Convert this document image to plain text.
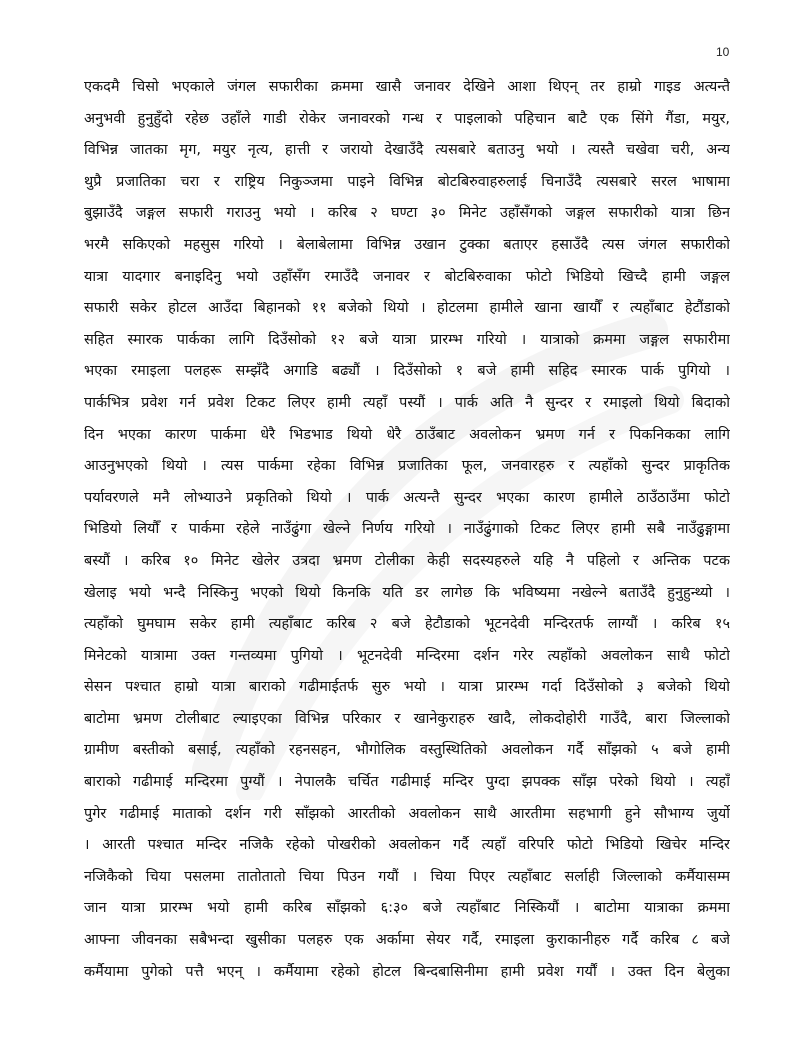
10
एकदमै चिसो भएकाले जंगल सफारीका क्रममा खासै जनावर देखिने आशा थिएन् तर हाम्रो गाइड अत्यन्तै
अनुभवी हुनुहुँदो रहेछ उहाँले गाडी रोकेर जनावरको गन्ध र पाइलाको पहिचान बाटै एक सिंगे गैंडा, मयुर,
विभिन्न जातका मृग, मयुर नृत्य, हात्ती र जरायो देखाउँदै त्यसबारे बताउनु भयो । त्यस्तै चखेवा चरी, अन्य
थुप्रै प्रजातिका चरा र राष्ट्रिय निकुञ्जमा पाइने विभिन्न बोटबिरुवाहरुलाई चिनाउँदै त्यसबारे सरल भाषामा
बुझाउँदै जङ्गल सफारी गराउनु भयो । करिब २ घण्टा ३० मिनेट उहाँसँगको जङ्गल सफारीको यात्रा छिन
भरमै सकिएको महसुस गरियो । बेलाबेलामा विभिन्न उखान टुक्का बताएर हसाउँदै त्यस जंगल सफारीको
यात्रा यादगार बनाइदिनु भयो उहाँसँग रमाउँदै जनावर र बोटबिरुवाका फोटो भिडियो खिच्दै हामी जङ्गल
सफारी सकेर होटल आउँदा बिहानको ११ बजेको थियो । होटलमा हामीले खाना खायौँ र त्यहाँबाट हेटौंडाको
सहित स्मारक पार्कका लागि दिउँसोको १२ बजे यात्रा प्रारम्भ गरियो । यात्राको क्रममा जङ्गल सफारीमा
भएका रमाइला पलहरू सम्झँदै अगाडि बढ्यौं । दिउँसोको १ बजे हामी सहिद स्मारक पार्क पुगियो ।
पार्कभित्र प्रवेश गर्न प्रवेश टिकट लिएर हामी त्यहाँ पस्यौं । पार्क अति नै सुन्दर र रमाइलो थियो बिदाको
दिन भएका कारण पार्कमा धेरै भिडभाड थियो धेरै ठाउँबाट अवलोकन भ्रमण गर्न र पिकनिकका लागि
आउनुभएको थियो । त्यस पार्कमा रहेका विभिन्न प्रजातिका फूल, जनवारहरु र त्यहाँको सुन्दर प्राकृतिक
पर्यावरणले मनै लोभ्याउने प्रकृतिको थियो । पार्क अत्यन्तै सुन्दर भएका कारण हामीले ठाउँठाउँमा फोटो
भिडियो लियौँ र पार्कमा रहेले नाउँढुंगा खेल्ने निर्णय गरियो । नाउँढुंगाको टिकट लिएर हामी सबै नाउँढुङ्गामा
बस्यौं । करिब १० मिनेट खेलेर उत्रदा भ्रमण टोलीका केही सदस्यहरुले यहि नै पहिलो र अन्तिक पटक
खेलाइ भयो भन्दै निस्किनु भएको थियो किनकि यति डर लागेछ कि भविष्यमा नखेल्ने बताउँदै हुनुहुन्थ्यो ।
त्यहाँको घुमघाम सकेर हामी त्यहाँबाट करिब २ बजे हेटौडाको भूटनदेवी मन्दिरतर्फ लाग्यौं । करिब १५
मिनेटको यात्रामा उक्त गन्तव्यमा पुगियो । भूटनदेवी मन्दिरमा दर्शन गरेर त्यहाँको अवलोकन साथै फोटो
सेसन पश्चात हाम्रो यात्रा बाराको गढीमाईतर्फ सुरु भयो । यात्रा प्रारम्भ गर्दा दिउँसोको ३ बजेको थियो
बाटोमा भ्रमण टोलीबाट ल्याइएका विभिन्न परिकार र खानेकुराहरु खादै, लोकदोहोरी गाउँदै, बारा जिल्लाको
ग्रामीण बस्तीको बसाई, त्यहाँको रहनसहन, भौगोलिक वस्तुस्थितिको अवलोकन गर्दै साँझको ५ बजे हामी
बाराको गढीमाई मन्दिरमा पुग्यौं । नेपालकै चर्चित गढीमाई मन्दिर पुग्दा झपक्क साँझ परेको थियो । त्यहाँ
पुगेर गढीमाई माताको दर्शन गरी साँझको आरतीको अवलोकन साथै आरतीमा सहभागी हुने सौभाग्य जुर्यो
। आरती पश्चात मन्दिर नजिकै रहेको पोखरीको अवलोकन गर्दै त्यहाँ वरिपरि फोटो भिडियो खिचेर मन्दिर
नजिकैको चिया पसलमा तातोतातो चिया पिउन गयौं । चिया पिएर त्यहाँबाट सर्लाही जिल्लाको कर्मैयासम्म
जान यात्रा प्रारम्भ भयो हामी करिब साँझको ६:३० बजे त्यहाँबाट निस्कियौं । बाटोमा यात्राका क्रममा
आफ्ना जीवनका सबैभन्दा खुसीका पलहरु एक अर्कामा सेयर गर्दै, रमाइला कुराकानीहरु गर्दै करिब ८ बजे
कर्मैयामा पुगेको पत्तै भएन् । कर्मैयामा रहेको होटल बिन्दबासिनीमा हामी प्रवेश गर्यौं । उक्त दिन बेलुका
